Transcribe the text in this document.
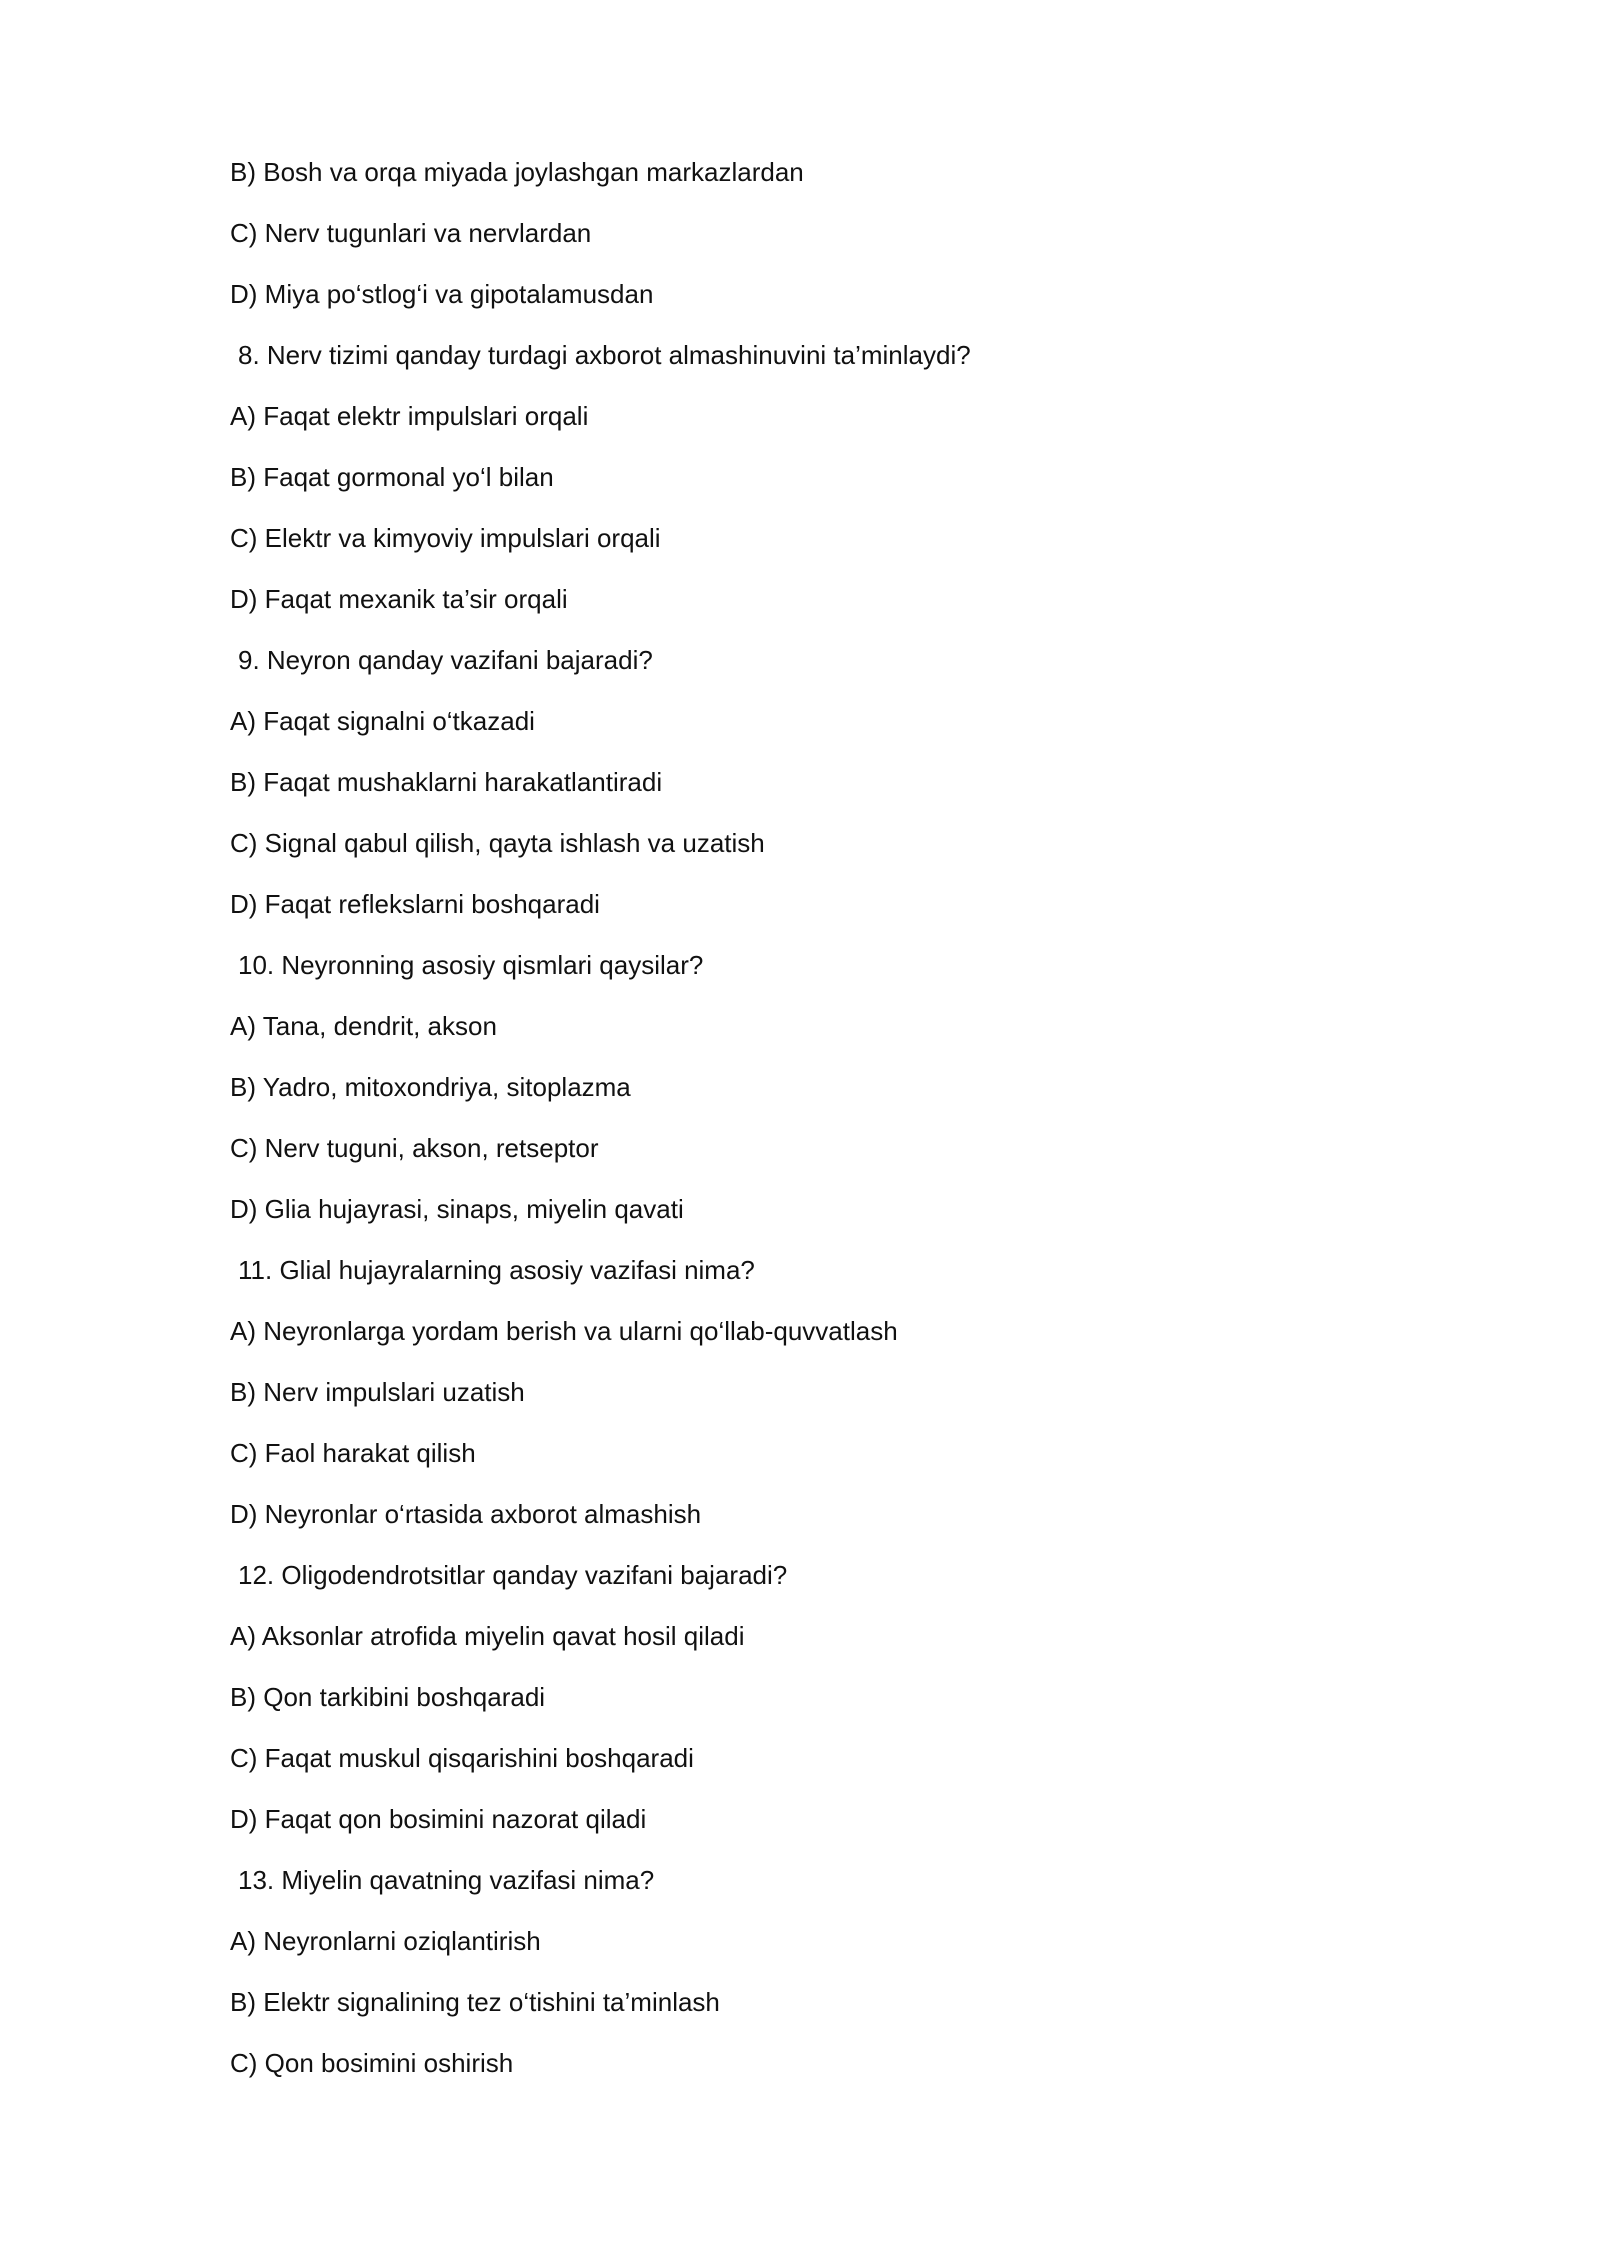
B) Bosh va orqa miyada joylashgan markazlardan
C) Nerv tugunlari va nervlardan
D) Miya po‘stlog‘i va gipotalamusdan
8. Nerv tizimi qanday turdagi axborot almashinuvini ta’minlaydi?
A) Faqat elektr impulslari orqali
B) Faqat gormonal yo‘l bilan
C) Elektr va kimyoviy impulslari orqali
D) Faqat mexanik ta’sir orqali
9. Neyron qanday vazifani bajaradi?
A) Faqat signalni o‘tkazadi
B) Faqat mushaklarni harakatlantiradi
C) Signal qabul qilish, qayta ishlash va uzatish
D) Faqat reflekslarni boshqaradi
10. Neyronning asosiy qismlari qaysilar?
A) Tana, dendrit, akson
B) Yadro, mitoxondriya, sitoplazma
C) Nerv tuguni, akson, retseptor
D) Glia hujayrasi, sinaps, miyelin qavati
11. Glial hujayralarning asosiy vazifasi nima?
A) Neyronlarga yordam berish va ularni qo‘llab-quvvatlash
B) Nerv impulslari uzatish
C) Faol harakat qilish
D) Neyronlar o‘rtasida axborot almashish
12. Oligodendrotsitlar qanday vazifani bajaradi?
A) Aksonlar atrofida miyelin qavat hosil qiladi
B) Qon tarkibini boshqaradi
C) Faqat muskul qisqarishini boshqaradi
D) Faqat qon bosimini nazorat qiladi
13. Miyelin qavatning vazifasi nima?
A) Neyronlarni oziqlantirish
B) Elektr signalining tez o‘tishini ta’minlash
C) Qon bosimini oshirish
